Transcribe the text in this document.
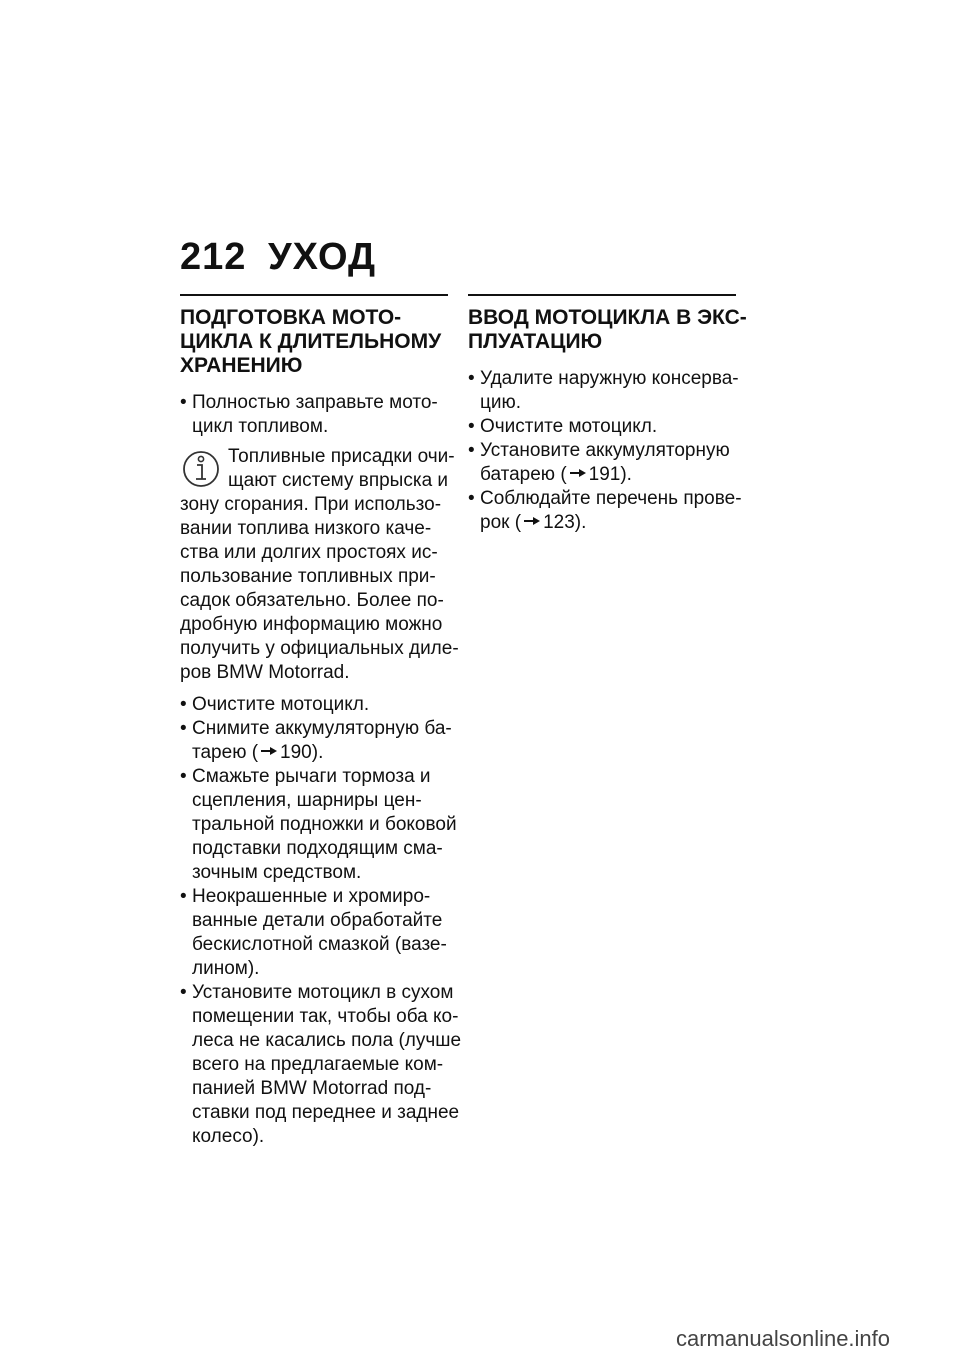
212 УХОД
ПОДГОТОВКА МОТО-
ЦИКЛА К ДЛИТЕЛЬНОМУ
ХРАНЕНИЮ
• Полностью заправьте мото-
цикл топливом.
Топливные присадки очи-
щают систему впрыска и
зону сгорания. При использо-
вании топлива низкого каче-
ства или долгих простоях ис-
пользование топливных при-
садок обязательно. Более по-
дробную информацию можно
получить у официальных диле-
ров BMW Motorrad.
• Очистите мотоцикл.
• Снимите аккумуляторную ба-
тарею ( 190).
• Смажьте рычаги тормоза и
сцепления, шарниры цен-
тральной подножки и боковой
подставки подходящим сма-
зочным средством.
• Неокрашенные и хромиро-
ванные детали обработайте
бескислотной смазкой (вазе-
лином).
• Установите мотоцикл в сухом
помещении так, чтобы оба ко-
леса не касались пола (лучше
всего на предлагаемые ком-
панией BMW Motorrad под-
ставки под переднее и заднее
колесо).
ВВОД МОТОЦИКЛА В ЭКС-
ПЛУАТАЦИЮ
• Удалите наружную консерва-
цию.
• Очистите мотоцикл.
• Установите аккумуляторную
батарею ( 191).
• Соблюдайте перечень прове-
рок ( 123).
carmanualsonline.info
